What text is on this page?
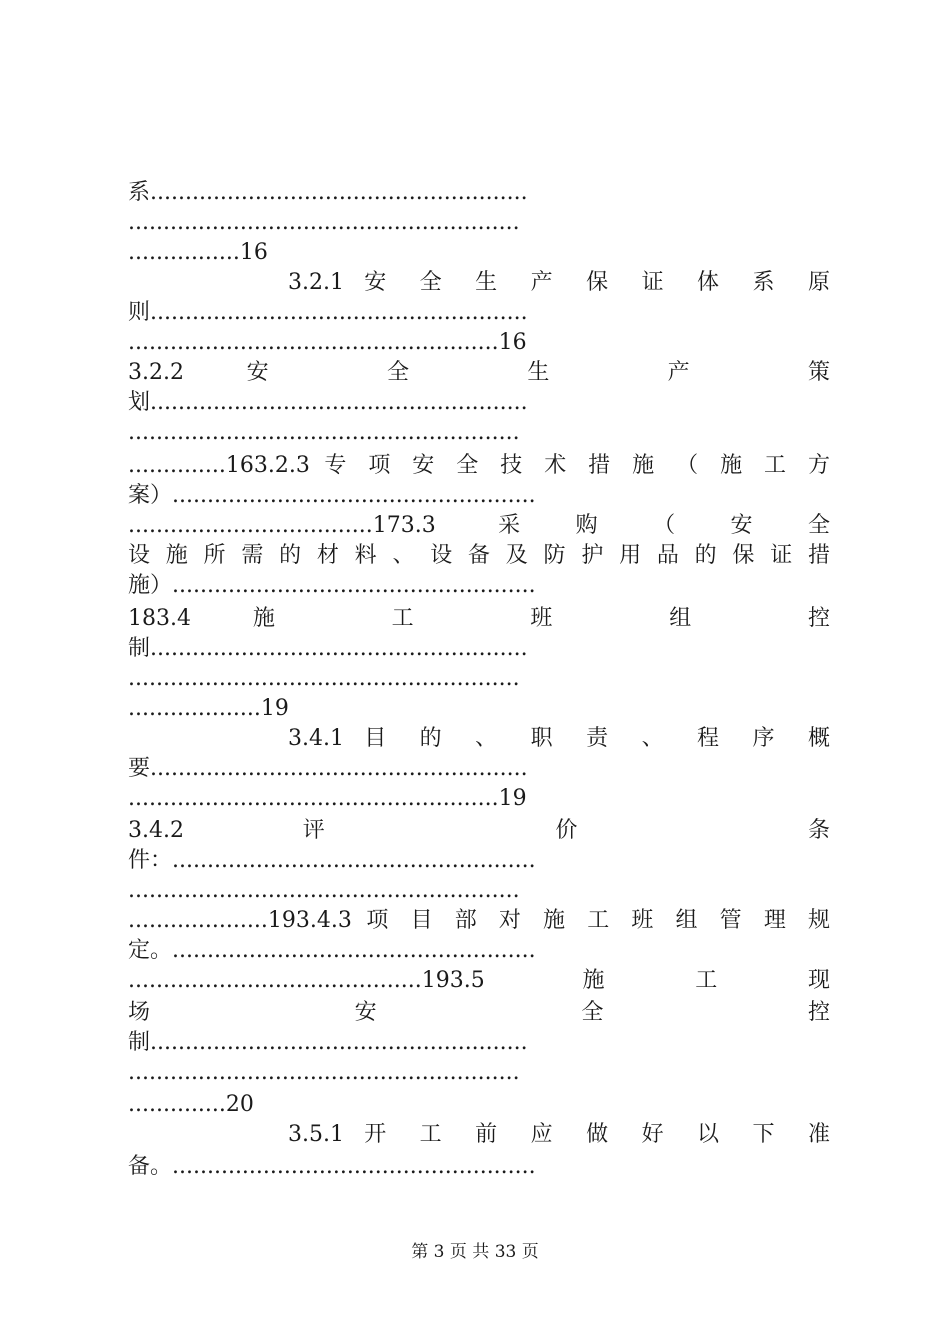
系......................................................
........................................................
................16
3.2.1 安 全 生 产 保 证 体 系 原
则......................................................
.....................................................16
3.2.2 安 全 生 产 策
划......................................................
........................................................
..............163.2.3 专 项 安 全 技 术 措 施 （ 施 工 方
案）....................................................
...................................173.3 采购（安全
设 施 所 需 的 材 料 、 设 备 及 防 护 用 品 的 保 证 措
施）....................................................
183.4 施 工 班 组 控
制......................................................
........................................................
...................19
3.4.1 目 的 、 职 责 、 程 序 概
要......................................................
.....................................................19
3.4.2 评 价 条
件：....................................................
........................................................
....................193.4.3 项 目 部 对 施 工 班 组 管 理 规
定。....................................................
..........................................193.5 施工现
场 安 全 控
制......................................................
........................................................
..............20
3.5.1 开 工 前 应 做 好 以 下 准
备。....................................................
第 3 页 共 33 页
